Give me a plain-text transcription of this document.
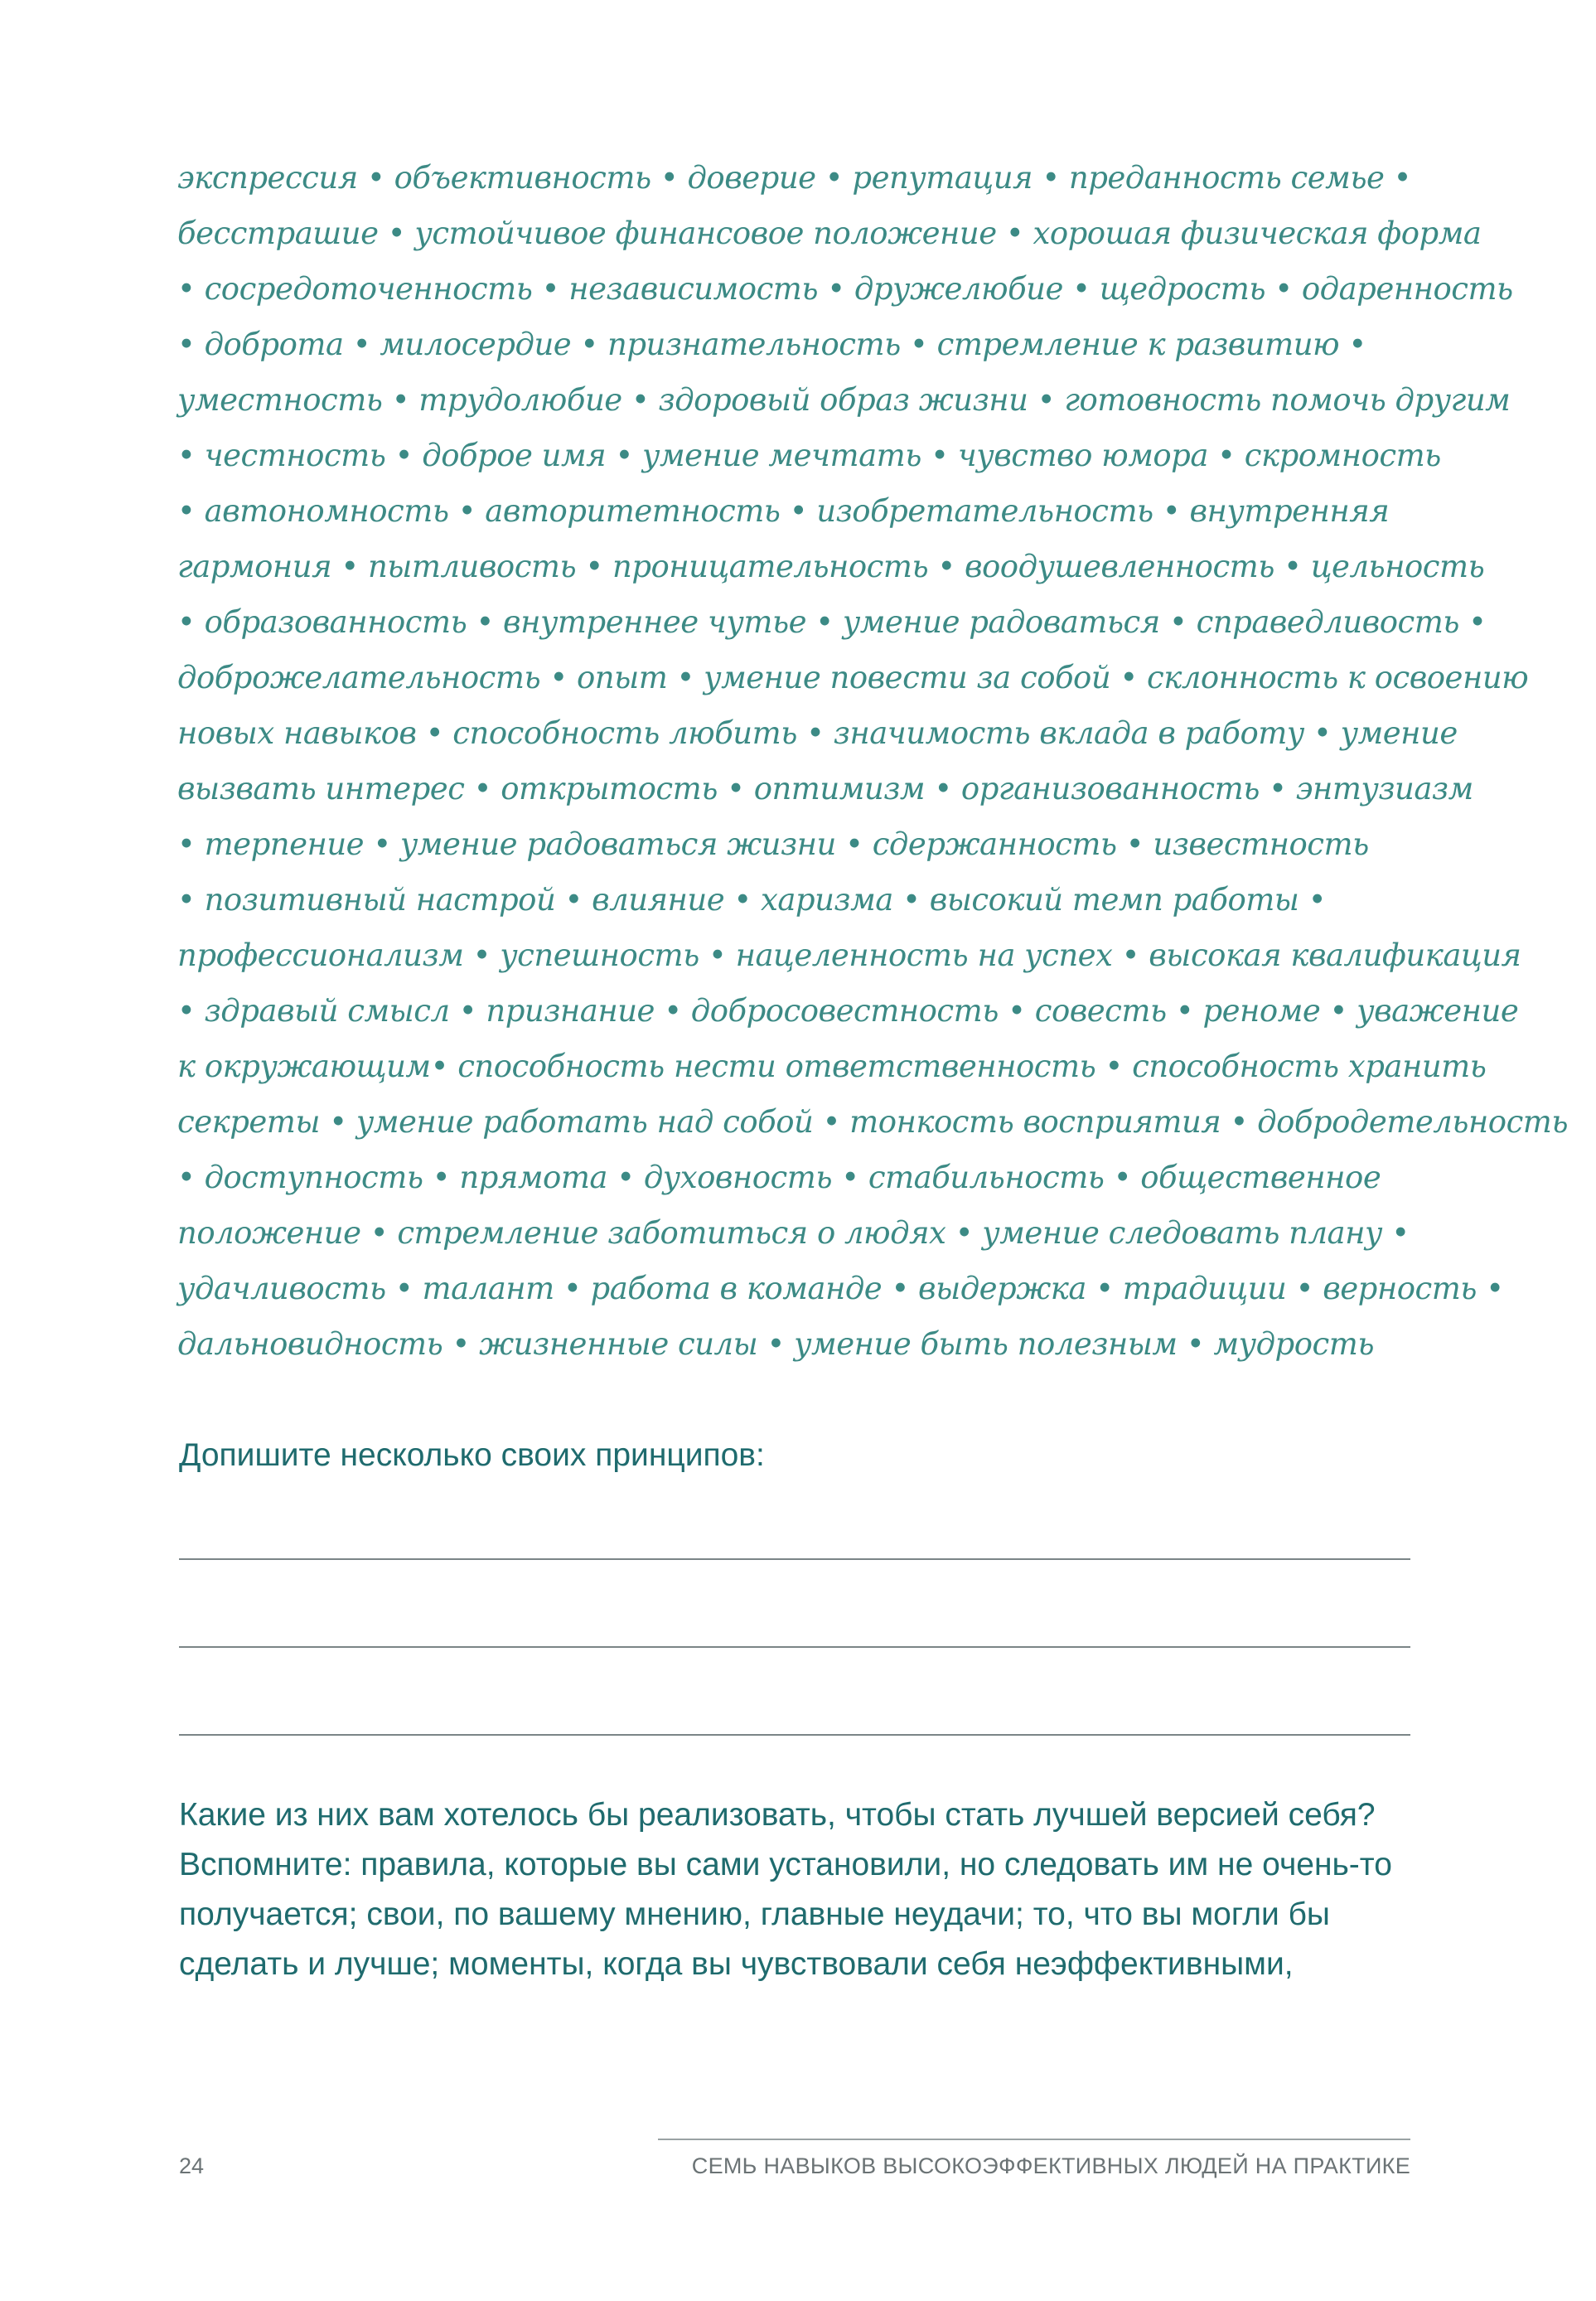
экспрессия • объективность • доверие • репутация • преданность семье •
бесстрашие • устойчивое финансовое положение • хорошая физическая форма
• сосредоточенность • независимость • дружелюбие • щедрость • одаренность
• доброта • милосердие • признательность • стремление к развитию •
уместность • трудолюбие • здоровый образ жизни • готовность помочь другим
• честность • доброе имя • умение мечтать • чувство юмора • скромность
• автономность • авторитетность • изобретательность • внутренняя
гармония • пытливость • проницательность • воодушевленность • цельность
• образованность • внутреннее чутье • умение радоваться • справедливость •
доброжелательность • опыт • умение повести за собой • склонность к освоению
новых навыков • способность любить • значимость вклада в работу • умение
вызвать интерес • открытость • оптимизм • организованность • энтузиазм
• терпение • умение радоваться жизни • сдержанность • известность
• позитивный настрой • влияние • харизма • высокий темп работы •
профессионализм • успешность • нацеленность на успех • высокая квалификация
• здравый смысл • признание • добросовестность • совесть • реноме • уважение
к окружающим• способность нести ответственность • способность хранить
секреты • умение работать над собой • тонкость восприятия • добродетельность
• доступность • прямота • духовность • стабильность • общественное
положение • стремление заботиться о людях • умение следовать плану •
удачливость • талант • работа в команде • выдержка • традиции • верность •
дальновидность • жизненные силы • умение быть полезным • мудрость
Допишите несколько своих принципов:
Какие из них вам хотелось бы реализовать, чтобы стать лучшей версией себя?
Вспомните: правила, которые вы сами установили, но следовать им не очень-то
получается; свои, по вашему мнению, главные неудачи; то, что вы могли бы
сделать и лучше; моменты, когда вы чувствовали себя неэффективными,
24	СЕМЬ НАВЫКОВ ВЫСОКОЭФФЕКТИВНЫХ ЛЮДЕЙ НА ПРАКТИКЕ
